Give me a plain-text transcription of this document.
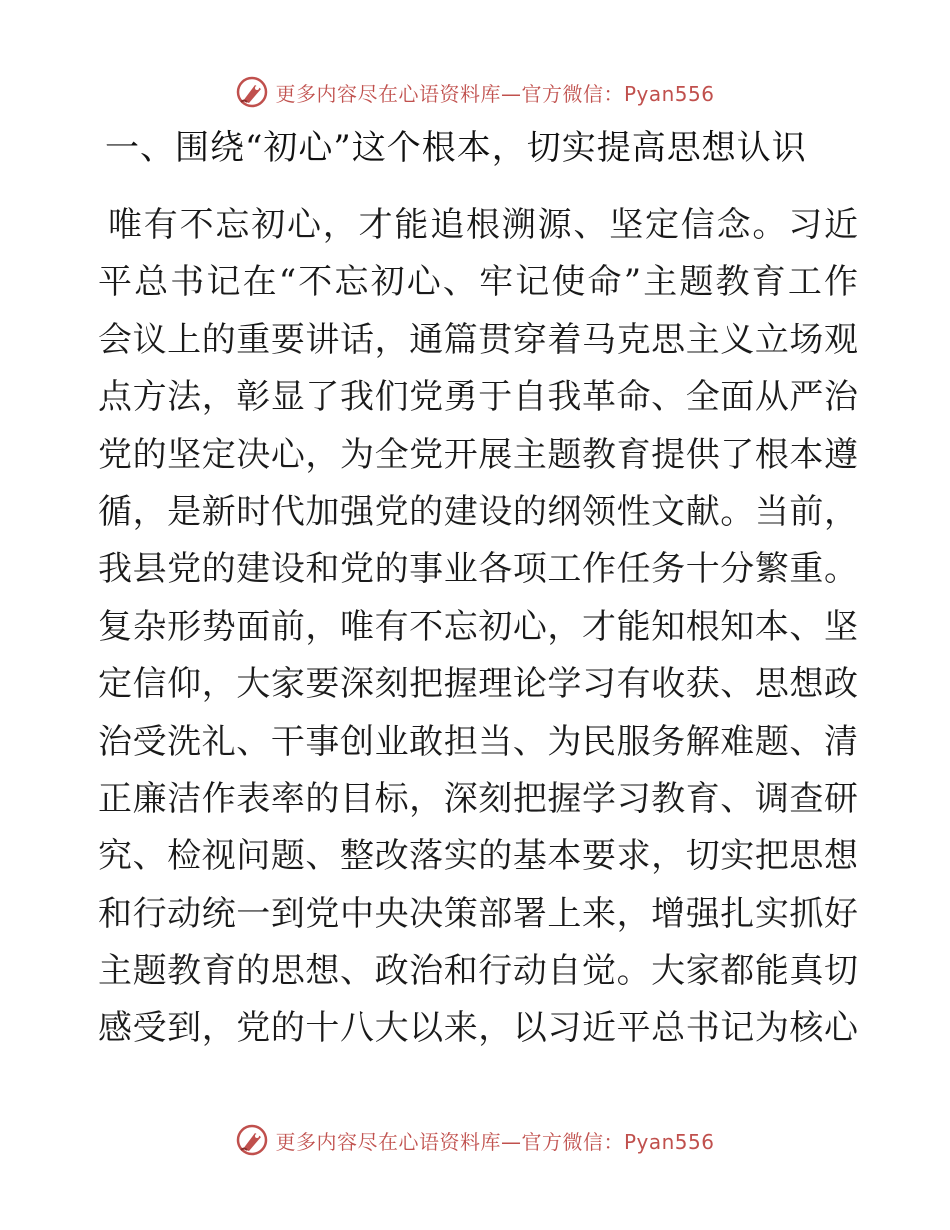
更多内容尽在心语资料库—官方微信：Pyan556
一、围绕“初心”这个根本，切实提高思想认识
唯有不忘初心，才能追根溯源、坚定信念。习近
平总书记在“不忘初心、牢记使命”主题教育工作
会议上的重要讲话，通篇贯穿着马克思主义立场观
点方法，彰显了我们党勇于自我革命、全面从严治
党的坚定决心，为全党开展主题教育提供了根本遵
循，是新时代加强党的建设的纲领性文献。当前，
我县党的建设和党的事业各项工作任务十分繁重。
复杂形势面前，唯有不忘初心，才能知根知本、坚
定信仰，大家要深刻把握理论学习有收获、思想政
治受洗礼、干事创业敢担当、为民服务解难题、清
正廉洁作表率的目标，深刻把握学习教育、调查研
究、检视问题、整改落实的基本要求，切实把思想
和行动统一到党中央决策部署上来，增强扎实抓好
主题教育的思想、政治和行动自觉。大家都能真切
感受到，党的十八大以来，以习近平总书记为核心
更多内容尽在心语资料库—官方微信：Pyan556
